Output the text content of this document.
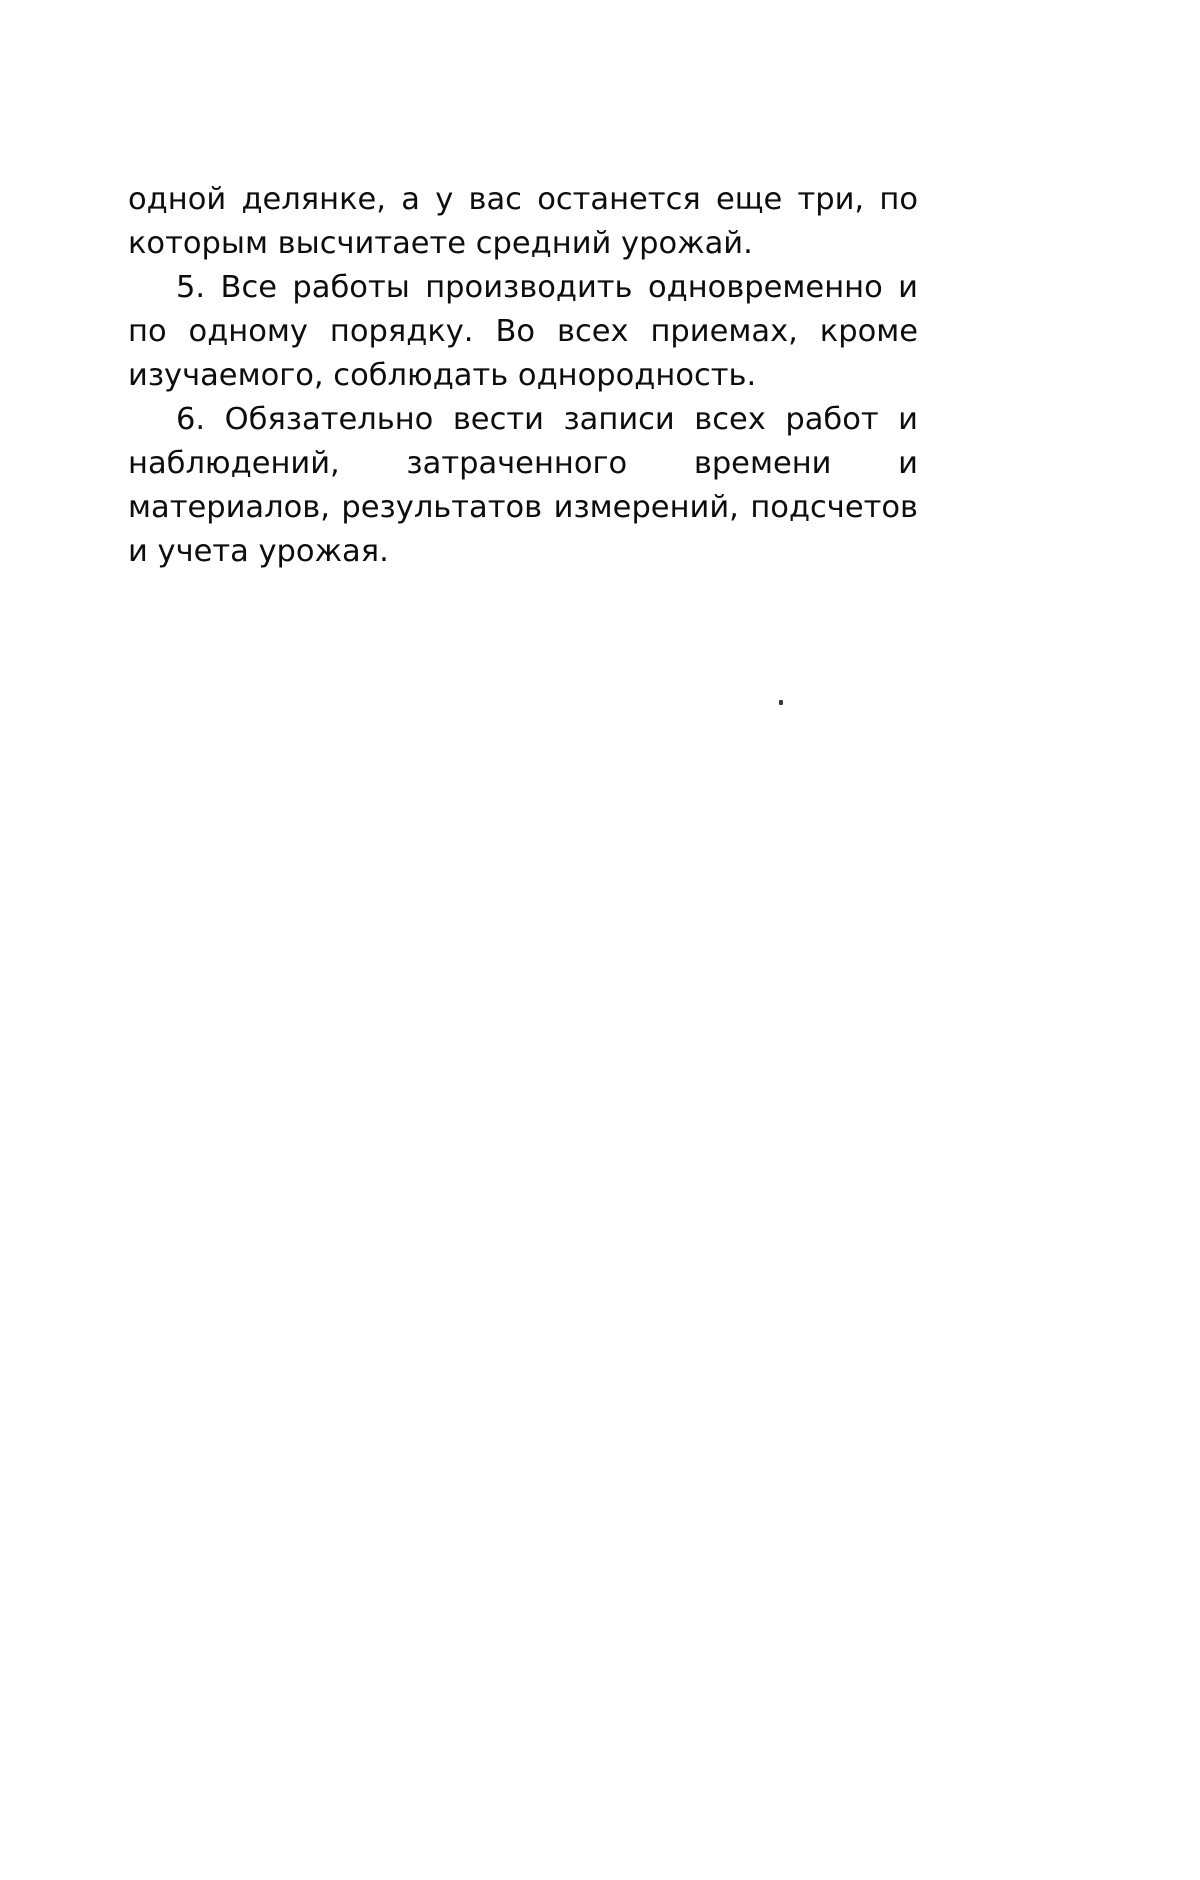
одной делянке, а у вас останется еще три, по которым высчитаете средний урожай.

5. Все работы производить одновременно и по одному порядку. Во всех приемах, кроме изучаемого, соблюдать однородность.

6. Обязательно вести записи всех работ и наблюдений, затраченного времени и материалов, результатов измерений, подсчетов и учета урожая.
